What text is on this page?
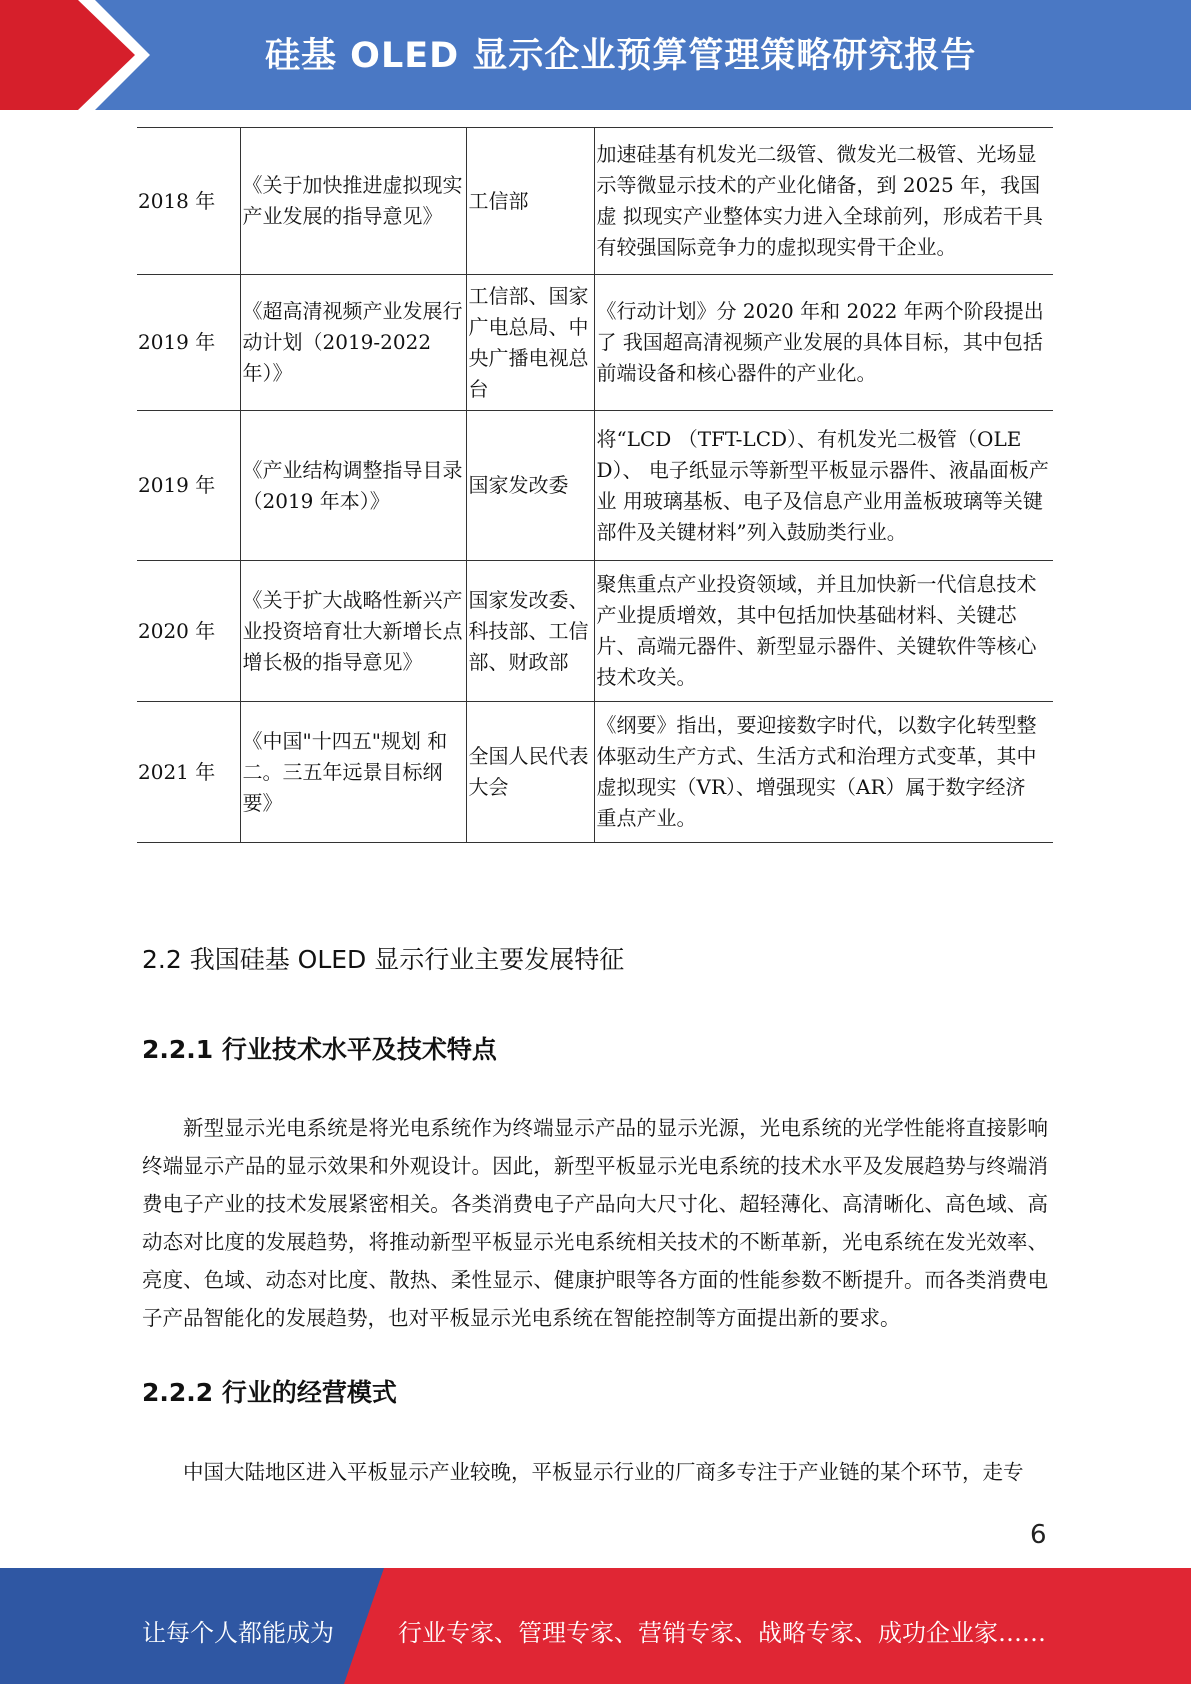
硅基 OLED 显示企业预算管理策略研究报告
2018 年	《关于加快推进虚拟现实产业发展的指导意见》	工信部	加速硅基有机发光二级管、微发光二极管、光场显 示等微显示技术的产业化储备，到 2025 年，我国虚 拟现实产业整体实力进入全球前列，形成若干具 有较强国际竞争力的虚拟现实骨干企业。
2019 年	《超高清视频产业发展行动计划（2019-2022 年）》	工信部、国家广电总局、中央广播电视总台	《行动计划》分 2020 年和 2022 年两个阶段提出了 我国超高清视频产业发展的具体目标，其中包括 前端设备和核心器件的产业化。
2019 年	《产业结构调整指导目录（2019 年本）》	国家发改委	将“LCD （TFT-LCD）、有机发光二极管（OLED）、 电子纸显示等新型平板显示器件、液晶面板产业 用玻璃基板、电子及信息产业用盖板玻璃等关键 部件及关键材料”列入鼓励类行业。
2020 年	《关于扩大战略性新兴产业投资培育壮大新增长点增长极的指导意见》	国家发改委、科技部、工信部、财政部	聚焦重点产业投资领域，并且加快新一代信息技术产业提质增效，其中包括加快基础材料、关键芯 片、高端元器件、新型显示器件、关键软件等核心 技术攻关。
2021 年	《中国"十四五"规划 和二。三五年远景目标纲要》	全国人民代表大会	《纲要》指出，要迎接数字时代，以数字化转型整 体驱动生产方式、生活方式和治理方式变革，其中 虚拟现实（VR）、增强现实（AR）属于数字经济 重点产业。
2.2 我国硅基 OLED 显示行业主要发展特征
2.2.1 行业技术水平及技术特点

新型显示光电系统是将光电系统作为终端显示产品的显示光源，光电系统的光学性能将直接影响终端显示产品的显示效果和外观设计。因此，新型平板显示光电系统的技术水平及发展趋势与终端消费电子产业的技术发展紧密相关。各类消费电子产品向大尺寸化、超轻薄化、高清晰化、高色域、高动态对比度的发展趋势，将推动新型平板显示光电系统相关技术的不断革新，光电系统在发光效率、亮度、色域、动态对比度、散热、柔性显示、健康护眼等各方面的性能参数不断提升。而各类消费电子产品智能化的发展趋势，也对平板显示光电系统在智能控制等方面提出新的要求。

2.2.2 行业的经营模式

中国大陆地区进入平板显示产业较晚，平板显示行业的厂商多专注于产业链的某个环节，走专

6
让每个人都能成为	行业专家、管理专家、营销专家、战略专家、成功企业家……
